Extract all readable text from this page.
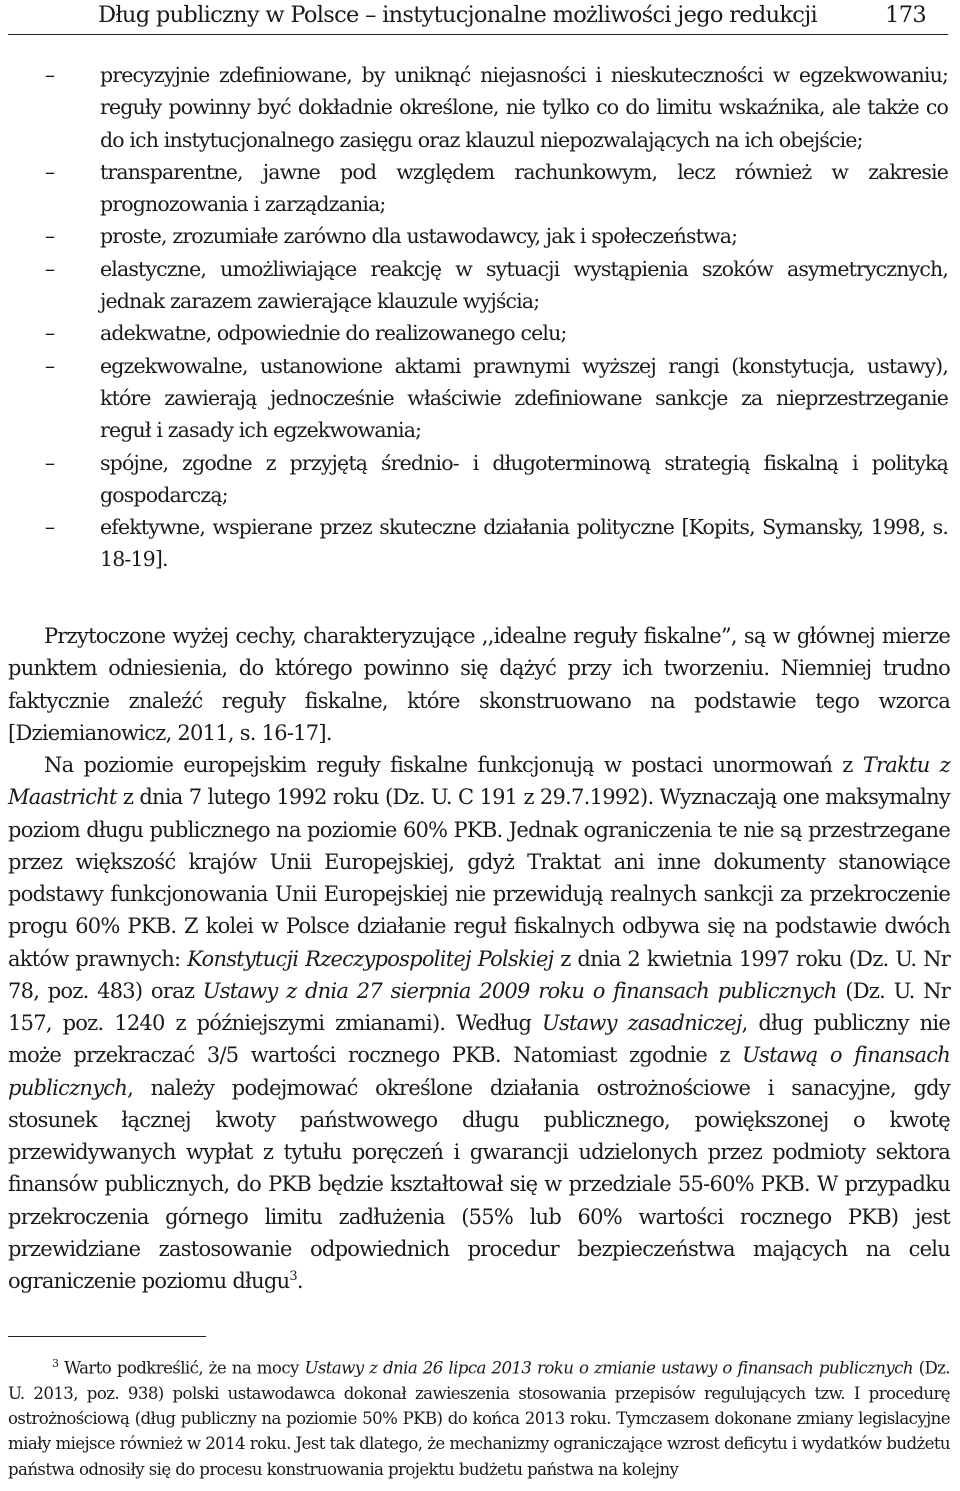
Dług publiczny w Polsce – instytucjonalne możliwości jego redukcji	173
– precyzyjnie zdefiniowane, by uniknąć niejasności i nieskuteczności w egzekwowaniu; reguły powinny być dokładnie określone, nie tylko co do limitu wskaźnika, ale także co do ich instytucjonalnego zasięgu oraz klauzul niepozwalających na ich obejście;
– transparentne, jawne pod względem rachunkowym, lecz również w zakresie prognozowania i zarządzania;
– proste, zrozumiałe zarówno dla ustawodawcy, jak i społeczeństwa;
– elastyczne, umożliwiające reakcję w sytuacji wystąpienia szoków asymetrycznych, jednak zarazem zawierające klauzule wyjścia;
– adekwatne, odpowiednie do realizowanego celu;
– egzekwowalne, ustanowione aktami prawnymi wyższej rangi (konstytucja, ustawy), które zawierają jednocześnie właściwie zdefiniowane sankcje za nieprzestrzeganie reguł i zasady ich egzekwowania;
– spójne, zgodne z przyjętą średnio- i długoterminową strategią fiskalną i polityką gospodarczą;
– efektywne, wspierane przez skuteczne działania polityczne [Kopits, Symansky, 1998, s. 18-19].

Przytoczone wyżej cechy, charakteryzujące ,,idealne reguły fiskalne”, są w głównej mierze punktem odniesienia, do którego powinno się dążyć przy ich tworzeniu. Niemniej trudno faktycznie znaleźć reguły fiskalne, które skonstruowano na podstawie tego wzorca [Dziemianowicz, 2011, s. 16-17].

Na poziomie europejskim reguły fiskalne funkcjonują w postaci unormowań z Traktu z Maastricht z dnia 7 lutego 1992 roku (Dz. U. C 191 z 29.7.1992). Wyznaczają one maksymalny poziom długu publicznego na poziomie 60% PKB. Jednak ograniczenia te nie są przestrzegane przez większość krajów Unii Europejskiej, gdyż Traktat ani inne dokumenty stanowiące podstawy funkcjonowania Unii Europejskiej nie przewidują realnych sankcji za przekroczenie progu 60% PKB. Z kolei w Polsce działanie reguł fiskalnych odbywa się na podstawie dwóch aktów prawnych: Konstytucji Rzeczypospolitej Polskiej z dnia 2 kwietnia 1997 roku (Dz. U. Nr 78, poz. 483) oraz Ustawy z dnia 27 sierpnia 2009 roku o finansach publicznych (Dz. U. Nr 157, poz. 1240 z późniejszymi zmianami). Według Ustawy zasadniczej, dług publiczny nie może przekraczać 3/5 wartości rocznego PKB. Natomiast zgodnie z Ustawą o finansach publicznych, należy podejmować określone działania ostrożnościowe i sanacyjne, gdy stosunek łącznej kwoty państwowego długu publicznego, powiększonej o kwotę przewidywanych wypłat z tytułu poręczeń i gwarancji udzielonych przez podmioty sektora finansów publicznych, do PKB będzie kształtował się w przedziale 55-60% PKB. W przypadku przekroczenia górnego limitu zadłużenia (55% lub 60% wartości rocznego PKB) jest przewidziane zastosowanie odpowiednich procedur bezpieczeństwa mających na celu ograniczenie poziomu długu$^3$.

$^3$ Warto podkreślić, że na mocy Ustawy z dnia 26 lipca 2013 roku o zmianie ustawy o finansach publicznych (Dz. U. 2013, poz. 938) polski ustawodawca dokonał zawieszenia stosowania przepisów regulujących tzw. I procedurę ostrożnościową (dług publiczny na poziomie 50% PKB) do końca 2013 roku. Tymczasem dokonane zmiany legislacyjne miały miejsce również w 2014 roku. Jest tak dlatego, że mechanizmy ograniczające wzrost deficytu i wydatków budżetu państwa odnosiły się do procesu konstruowania projektu budżetu państwa na kolejny
